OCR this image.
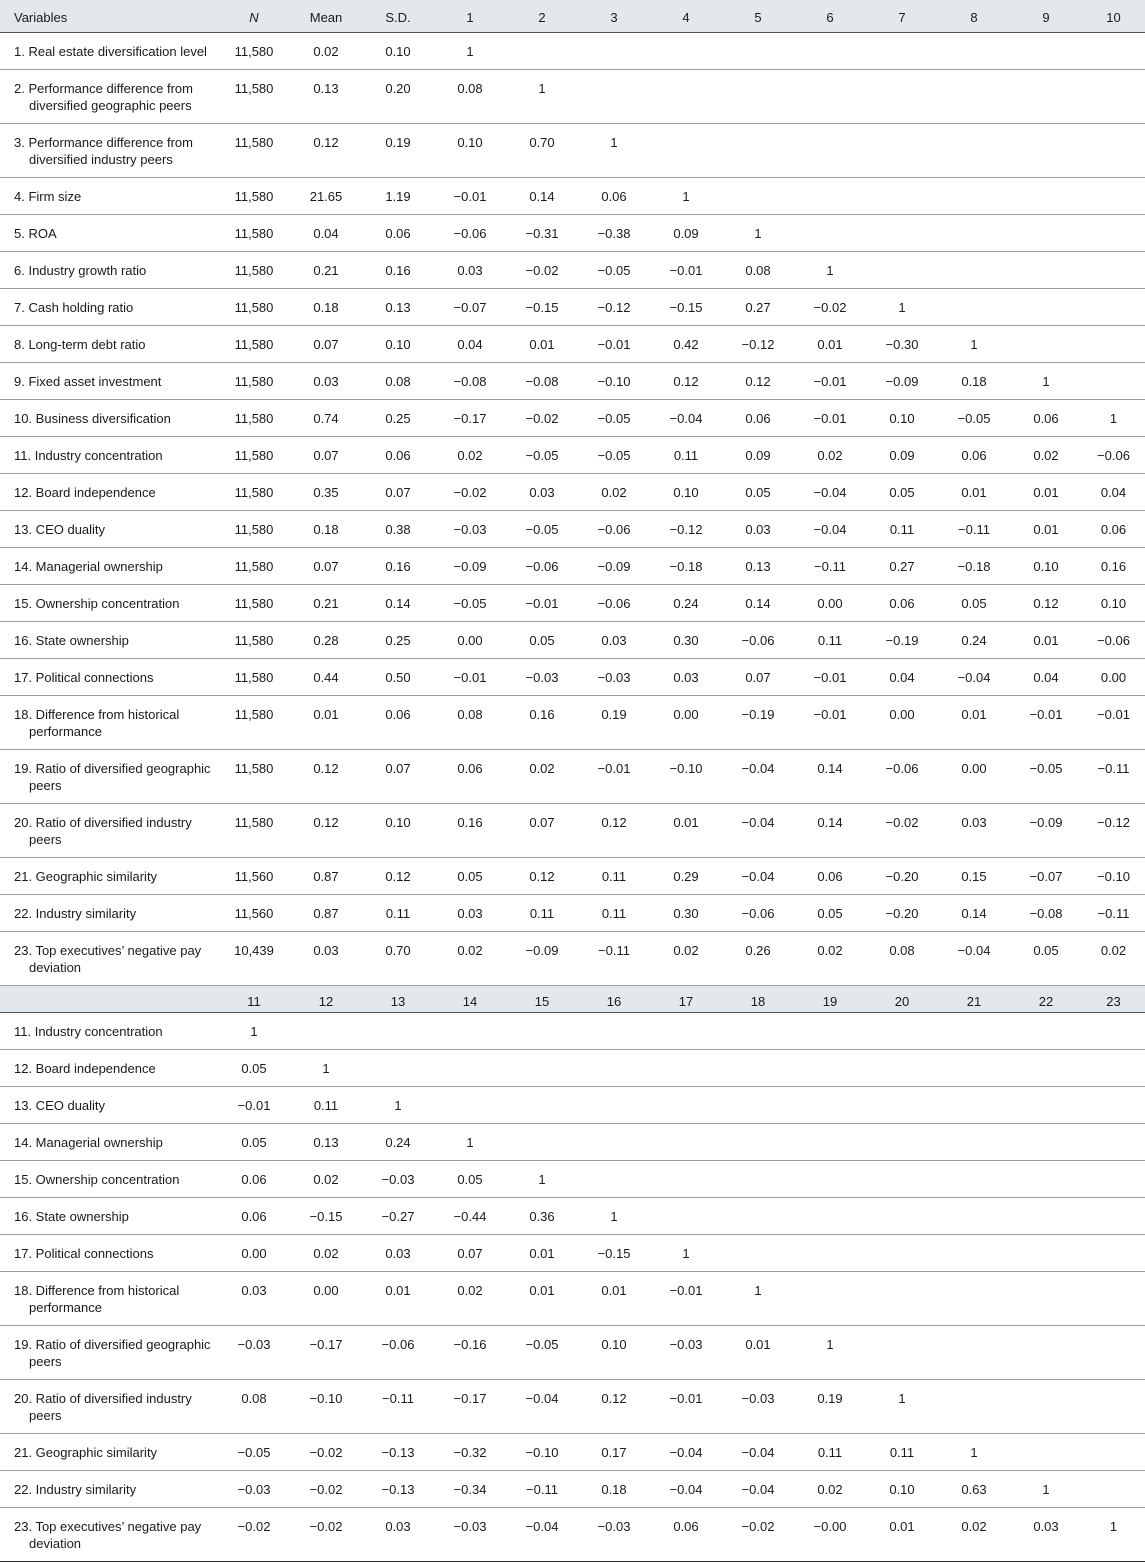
Variables	N	Mean	S.D.	1	2	3	4	5	6	7	8	9	10

1. Real estate diversification level	11,580	0.02	0.10	1									

2. Performance difference from diversified geographic peers	11,580	0.13	0.20	0.08	1								

3. Performance difference from diversified industry peers	11,580	0.12	0.19	0.10	0.70	1							

4. Firm size	11,580	21.65	1.19	−0.01	0.14	0.06	1						

5. ROA	11,580	0.04	0.06	−0.06	−0.31	−0.38	0.09	1					

6. Industry growth ratio	11,580	0.21	0.16	0.03	−0.02	−0.05	−0.01	0.08	1				

7. Cash holding ratio	11,580	0.18	0.13	−0.07	−0.15	−0.12	−0.15	0.27	−0.02	1			

8. Long-term debt ratio	11,580	0.07	0.10	0.04	0.01	−0.01	0.42	−0.12	0.01	−0.30	1		

9. Fixed asset investment	11,580	0.03	0.08	−0.08	−0.08	−0.10	0.12	0.12	−0.01	−0.09	0.18	1	

10. Business diversification	11,580	0.74	0.25	−0.17	−0.02	−0.05	−0.04	0.06	−0.01	0.10	−0.05	0.06	1

11. Industry concentration	11,580	0.07	0.06	0.02	−0.05	−0.05	0.11	0.09	0.02	0.09	0.06	0.02	−0.06

12. Board independence	11,580	0.35	0.07	−0.02	0.03	0.02	0.10	0.05	−0.04	0.05	0.01	0.01	0.04

13. CEO duality	11,580	0.18	0.38	−0.03	−0.05	−0.06	−0.12	0.03	−0.04	0.11	−0.11	0.01	0.06

14. Managerial ownership	11,580	0.07	0.16	−0.09	−0.06	−0.09	−0.18	0.13	−0.11	0.27	−0.18	0.10	0.16

15. Ownership concentration	11,580	0.21	0.14	−0.05	−0.01	−0.06	0.24	0.14	0.00	0.06	0.05	0.12	0.10

16. State ownership	11,580	0.28	0.25	0.00	0.05	0.03	0.30	−0.06	0.11	−0.19	0.24	0.01	−0.06

17. Political connections	11,580	0.44	0.50	−0.01	−0.03	−0.03	0.03	0.07	−0.01	0.04	−0.04	0.04	0.00

18. Difference from historical performance	11,580	0.01	0.06	0.08	0.16	0.19	0.00	−0.19	−0.01	0.00	0.01	−0.01	−0.01

19. Ratio of diversified geographic peers	11,580	0.12	0.07	0.06	0.02	−0.01	−0.10	−0.04	0.14	−0.06	0.00	−0.05	−0.11

20. Ratio of diversified industry peers	11,580	0.12	0.10	0.16	0.07	0.12	0.01	−0.04	0.14	−0.02	0.03	−0.09	−0.12

21. Geographic similarity	11,560	0.87	0.12	0.05	0.12	0.11	0.29	−0.04	0.06	−0.20	0.15	−0.07	−0.10

22. Industry similarity	11,560	0.87	0.11	0.03	0.11	0.11	0.30	−0.06	0.05	−0.20	0.14	−0.08	−0.11

23. Top executives’ negative pay deviation	10,439	0.03	0.70	0.02	−0.09	−0.11	0.02	0.26	0.02	0.08	−0.04	0.05	0.02
	11	12	13	14	15	16	17	18	19	20	21	22	23

11. Industry concentration	1												

12. Board independence	0.05	1											

13. CEO duality	−0.01	0.11	1										

14. Managerial ownership	0.05	0.13	0.24	1									

15. Ownership concentration	0.06	0.02	−0.03	0.05	1								

16. State ownership	0.06	−0.15	−0.27	−0.44	0.36	1							

17. Political connections	0.00	0.02	0.03	0.07	0.01	−0.15	1						

18. Difference from historical performance	0.03	0.00	0.01	0.02	0.01	0.01	−0.01	1					

19. Ratio of diversified geographic peers	−0.03	−0.17	−0.06	−0.16	−0.05	0.10	−0.03	0.01	1				

20. Ratio of diversified industry peers	0.08	−0.10	−0.11	−0.17	−0.04	0.12	−0.01	−0.03	0.19	1			

21. Geographic similarity	−0.05	−0.02	−0.13	−0.32	−0.10	0.17	−0.04	−0.04	0.11	0.11	1		

22. Industry similarity	−0.03	−0.02	−0.13	−0.34	−0.11	0.18	−0.04	−0.04	0.02	0.10	0.63	1	

23. Top executives’ negative pay deviation	−0.02	−0.02	0.03	−0.03	−0.04	−0.03	0.06	−0.02	−0.00	0.01	0.02	0.03	1
